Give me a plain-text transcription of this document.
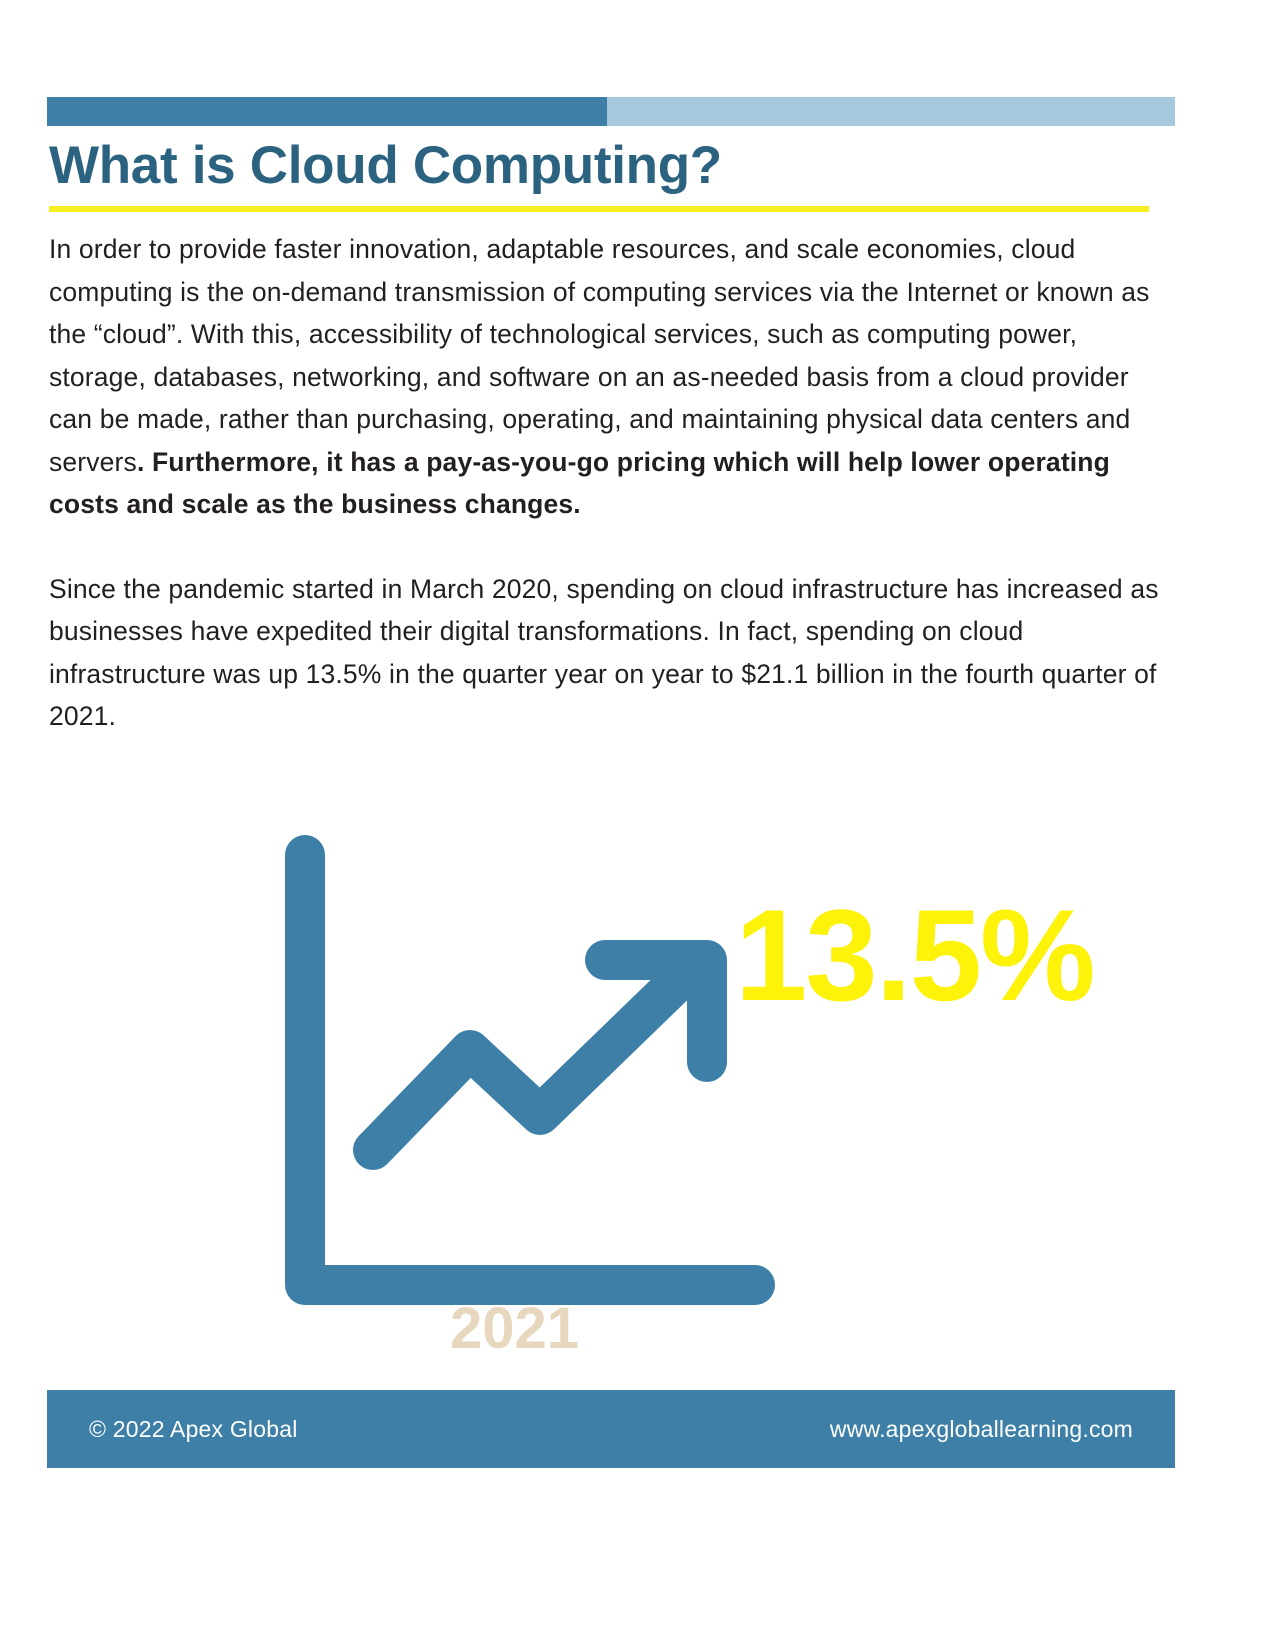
What is Cloud Computing?

In order to provide faster innovation, adaptable resources, and scale economies, cloud computing is the on-demand transmission of computing services via the Internet or known as the “cloud”. With this, accessibility of technological services, such as computing power, storage, databases, networking, and software on an as-needed basis from a cloud provider can be made, rather than purchasing, operating, and maintaining physical data centers and servers. Furthermore, it has a pay-as-you-go pricing which will help lower operating costs and scale as the business changes.

Since the pandemic started in March 2020, spending on cloud infrastructure has increased as businesses have expedited their digital transformations. In fact, spending on cloud infrastructure was up 13.5% in the quarter year on year to $21.1 billion in the fourth quarter of 2021.

13.5%
2021
© 2022 Apex Global	www.apexgloballearning.com
